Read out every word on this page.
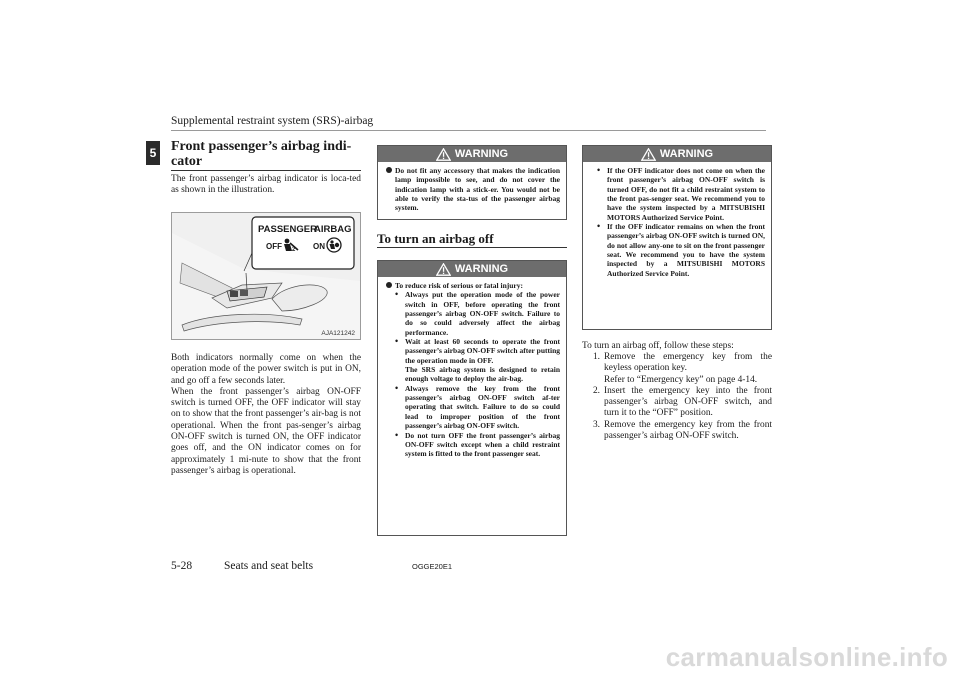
Supplemental restraint system (SRS)-airbag
5 Front passenger’s airbag indi-cator
The front passenger’s airbag indicator is loca-ted as shown in the illustration.
PASSENGER
AIRBAG
OFF 2 ON
AJA121242
Both indicators normally come on when the operation mode of the power switch is put in ON, and go off a few seconds later.
When the front passenger’s airbag ON-OFF switch is turned OFF, the OFF indicator will stay on to show that the front passenger’s air-bag is not operational. When the front pas-senger’s airbag ON-OFF switch is turned ON, the OFF indicator goes off, and the ON indicator comes on for approximately 1 mi-nute to show that the front passenger’s airbag is operational.
WARNING
Do not fit any accessory that makes the indication lamp impossible to see, and do not cover the indication lamp with a stick-er. You would not be able to verify the sta-tus of the passenger airbag system.
To turn an airbag off
WARNING
To reduce risk of serious or fatal injury:
• Always put the operation mode of the power switch in OFF, before operating the front passenger’s airbag ON-OFF switch. Failure to do so could adversely affect the airbag performance.
• Wait at least 60 seconds to operate the front passenger’s airbag ON-OFF switch after putting the operation mode in OFF.
The SRS airbag system is designed to retain enough voltage to deploy the air-bag.
• Always remove the key from the front passenger’s airbag ON-OFF switch af-ter operating that switch. Failure to do so could lead to improper position of the front passenger’s airbag ON-OFF switch.
• Do not turn OFF the front passenger’s airbag ON-OFF switch except when a child restraint system is fitted to the front passenger seat.
WARNING
• If the OFF indicator does not come on when the front passenger’s airbag ON-OFF switch is turned OFF, do not fit a child restraint system to the front pas-senger seat. We recommend you to have the system inspected by a MITSUBISHI MOTORS Authorized Service Point.
• If the OFF indicator remains on when the front passenger’s airbag ON-OFF switch is turned ON, do not allow any-one to sit on the front passenger seat. We recommend you to have the system inspected by a MITSUBISHI MOTORS Authorized Service Point.
To turn an airbag off, follow these steps:
1. Remove the emergency key from the keyless operation key.
Refer to “Emergency key” on page 4-14.
2. Insert the emergency key into the front passenger’s airbag ON-OFF switch, and turn it to the “OFF” position.
3. Remove the emergency key from the front passenger’s airbag ON-OFF switch.
5-28	Seats and seat belts	OGGE20E1
carmanualsonline.info
